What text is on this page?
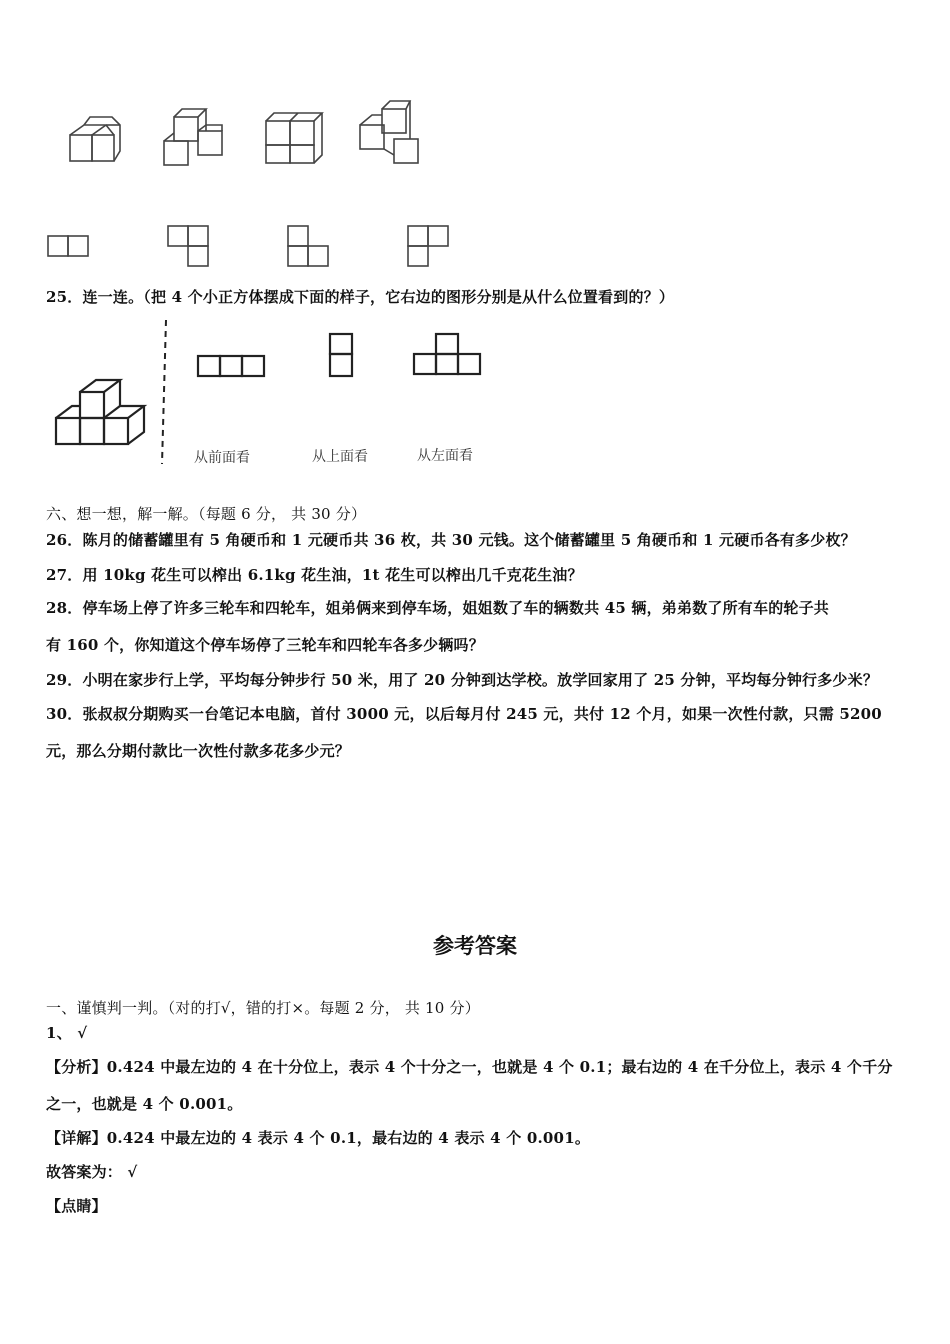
25．连一连。（把 4 个小正方体摆成下面的样子，它右边的图形分别是从什么位置看到的？）
从前面看	从上面看	从左面看
六、想一想，解一解。（每题 6 分， 共 30 分）
26．陈月的储蓄罐里有 5 角硬币和 1 元硬币共 36 枚，共 30 元钱。这个储蓄罐里 5 角硬币和 1 元硬币各有多少枚？
27．用 10kg 花生可以榨出 6.1kg 花生油，1t 花生可以榨出几千克花生油？
28．停车场上停了许多三轮车和四轮车，姐弟俩来到停车场，姐姐数了车的辆数共 45 辆，弟弟数了所有车的轮子共
有 160 个，你知道这个停车场停了三轮车和四轮车各多少辆吗？
29．小明在家步行上学，平均每分钟步行 50 米，用了 20 分钟到达学校。放学回家用了 25 分钟，平均每分钟行多少米？
30．张叔叔分期购买一台笔记本电脑，首付 3000 元，以后每月付 245 元，共付 12 个月，如果一次性付款，只需 5200
元，那么分期付款比一次性付款多花多少元？
参考答案
一、谨慎判一判。（对的打√，错的打×。每题 2 分， 共 10 分）
1、 √
【分析】0.424 中最左边的 4 在十分位上，表示 4 个十分之一，也就是 4 个 0.1；最右边的 4 在千分位上，表示 4 个千分
之一，也就是 4 个 0.001。
【详解】0.424 中最左边的 4 表示 4 个 0.1，最右边的 4 表示 4 个 0.001。
故答案为： √
【点睛】
